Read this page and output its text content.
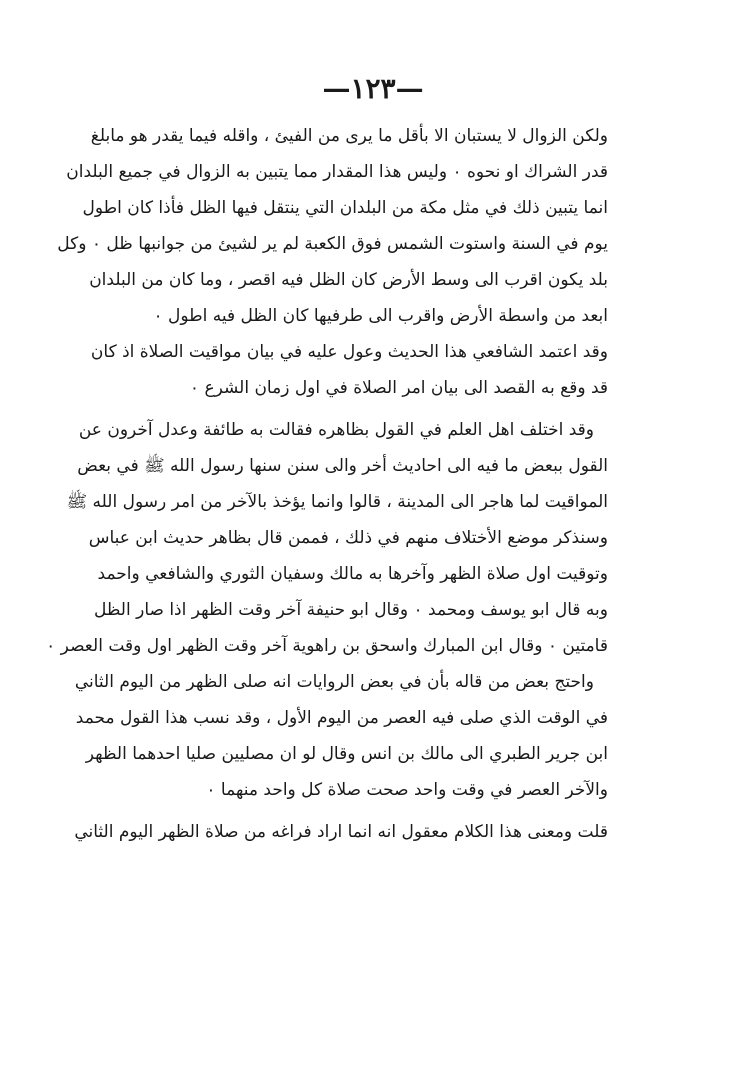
—١٢٣—
ولكن الزوال لا يستبان الا بأقل ما يرى من الفيئ ، واقله فيما يقدر هو مابلغ
قدر الشراك او نحوه ٠ وليس هذا المقدار مما يتبين به الزوال في جميع البلدان
انما يتبين ذلك في مثل مكة من البلدان التي ينتقل فيها الظل فأذا كان اطول
يوم في السنة واستوت الشمس فوق الكعبة لم ير لشيئ من جوانبها ظل ٠ وكل
بلد يكون اقرب الى وسط الأرض كان الظل فيه اقصر ، وما كان من البلدان
ابعد من واسطة الأرض واقرب الى طرفيها كان الظل فيه اطول ٠
وقد اعتمد الشافعي هذا الحديث وعول عليه في بيان مواقيت الصلاة اذ كان
قد وقع به القصد الى بيان امر الصلاة في اول زمان الشرع ٠
وقد اختلف اهل العلم في القول بظاهره فقالت به طائفة وعدل آخرون عن
القول ببعض ما فيه الى احاديث أخر والى سنن سنها رسول الله ﷺ في بعض
المواقيت لما هاجر الى المدينة ، قالوا وانما يؤخذ بالآخر من امر رسول الله ﷺ
وسنذكر موضع الأختلاف منهم في ذلك ، فممن قال بظاهر حديث ابن عباس
وتوقيت اول صلاة الظهر وآخرها به مالك وسفيان الثوري والشافعي واحمد
وبه قال ابو يوسف ومحمد ٠ وقال ابو حنيفة آخر وقت الظهر اذا صار الظل
قامتين ٠ وقال ابن المبارك واسحق بن راهوية آخر وقت الظهر اول وقت العصر ٠
واحتج بعض من قاله بأن في بعض الروايات انه صلى الظهر من اليوم الثاني
في الوقت الذي صلى فيه العصر من اليوم الأول ، وقد نسب هذا القول محمد
ابن جرير الطبري الى مالك بن انس وقال لو ان مصليين صليا احدهما الظهر
والآخر العصر في وقت واحد صحت صلاة كل واحد منهما ٠
قلت ومعنى هذا الكلام معقول انه انما اراد فراغه من صلاة الظهر اليوم الثاني
